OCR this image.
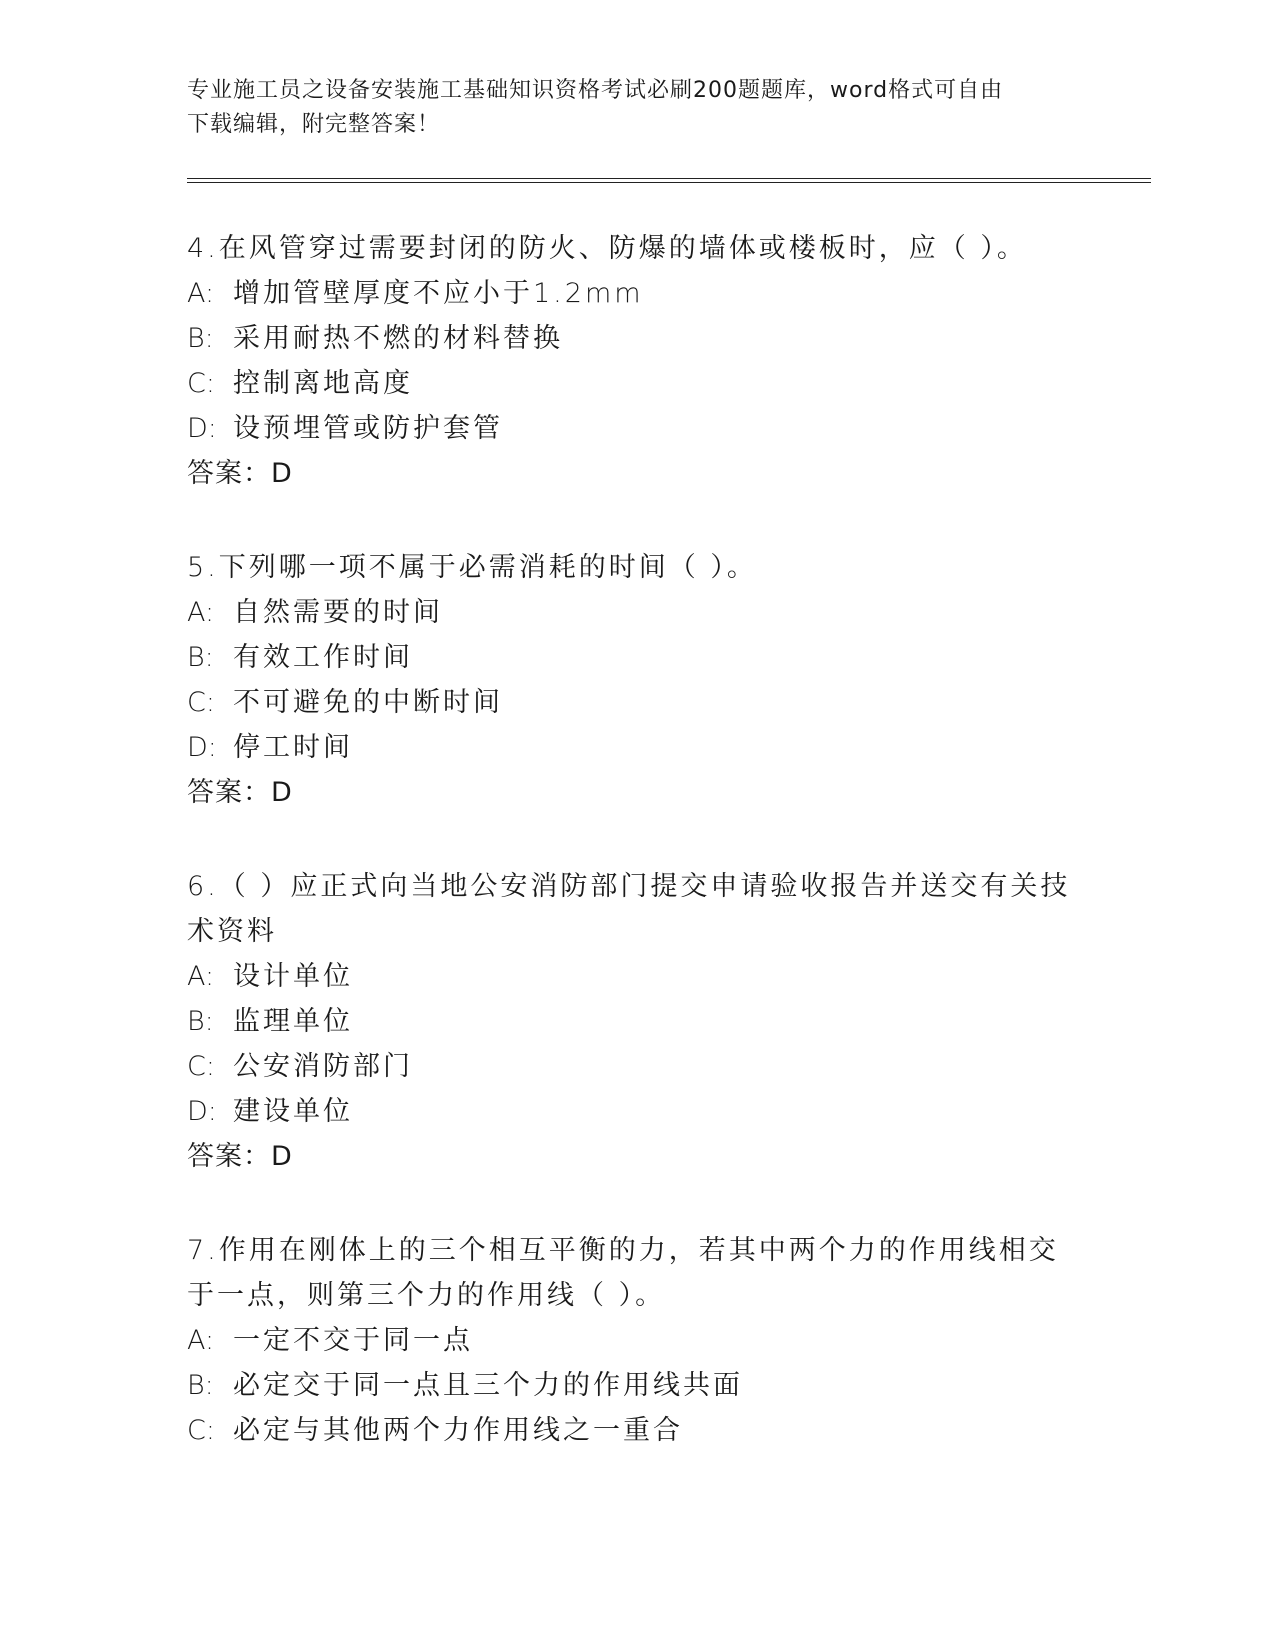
专业施工员之设备安装施工基础知识资格考试必刷200题题库，word格式可自由
下载编辑，附完整答案！
4.在风管穿过需要封闭的防火、防爆的墙体或楼板时，应（ ）。
A: 增加管壁厚度不应小于1.2mm
B: 采用耐热不燃的材料替换
C: 控制离地高度
D: 设预埋管或防护套管
答案：D
5.下列哪一项不属于必需消耗的时间（ ）。
A: 自然需要的时间
B: 有效工作时间
C: 不可避免的中断时间
D: 停工时间
答案：D
6.（ ）应正式向当地公安消防部门提交申请验收报告并送交有关技术资料
A: 设计单位
B: 监理单位
C: 公安消防部门
D: 建设单位
答案：D
7.作用在刚体上的三个相互平衡的力，若其中两个力的作用线相交于一点，则第三个力的作用线（ ）。
A: 一定不交于同一点
B: 必定交于同一点且三个力的作用线共面
C: 必定与其他两个力作用线之一重合
